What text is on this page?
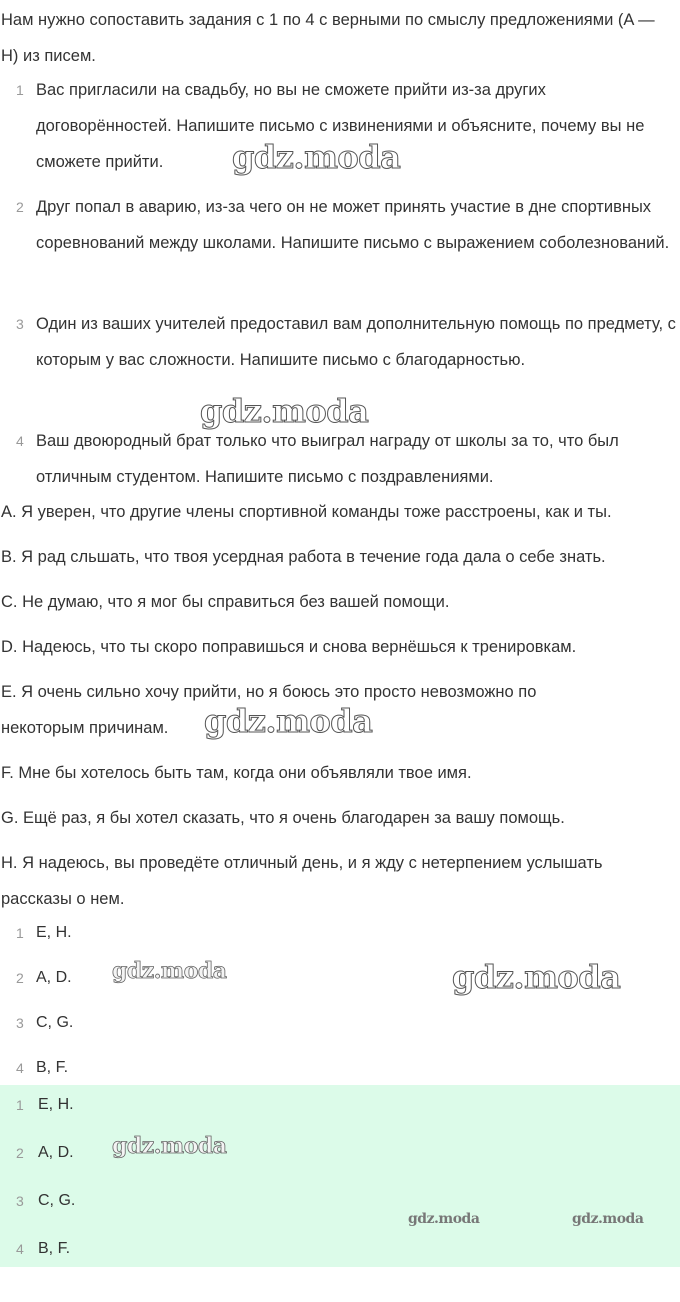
Нам нужно сопоставить задания с 1 по 4 с верными по смыслу предложениями (A — H) из писем.
1 Вас пригласили на свадьбу, но вы не сможете прийти из-за других договорённостей. Напишите письмо с извинениями и объясните, почему вы не сможете прийти.
2 Друг попал в аварию, из-за чего он не может принять участие в дне спортивных соревнований между школами. Напишите письмо с выражением соболезнований.
3 Один из ваших учителей предоставил вам дополнительную помощь по предмету, с которым у вас сложности. Напишите письмо с благодарностью.
4 Ваш двоюродный брат только что выиграл награду от школы за то, что был отличным студентом. Напишите письмо с поздравлениями.
A. Я уверен, что другие члены спортивной команды тоже расстроены, как и ты.
B. Я рад сльшать, что твоя усердная работа в течение года дала о себе знать.
C. Не думаю, что я мог бы справиться без вашей помощи.
D. Надеюсь, что ты скоро поправишься и снова вернёшься к тренировкам.
E. Я очень сильно хочу прийти, но я боюсь это просто невозможно по некоторым причинам.
F. Мне бы хотелось быть там, когда они объявляли твое имя.
G. Ещё раз, я бы хотел сказать, что я очень благодарен за вашу помощь.
H. Я надеюсь, вы проведёте отличный день, и я жду с нетерпением услышать рассказы о нем.
1 E, H.
2 A, D.
3 C, G.
4 B, F.
1 E, H.
2 A, D.
3 C, G.
4 B, F.
gdz.moda
gdz.moda
gdz.moda
gdz.moda
gdz.moda
gdz.moda
gdz.moda	gdz.moda
